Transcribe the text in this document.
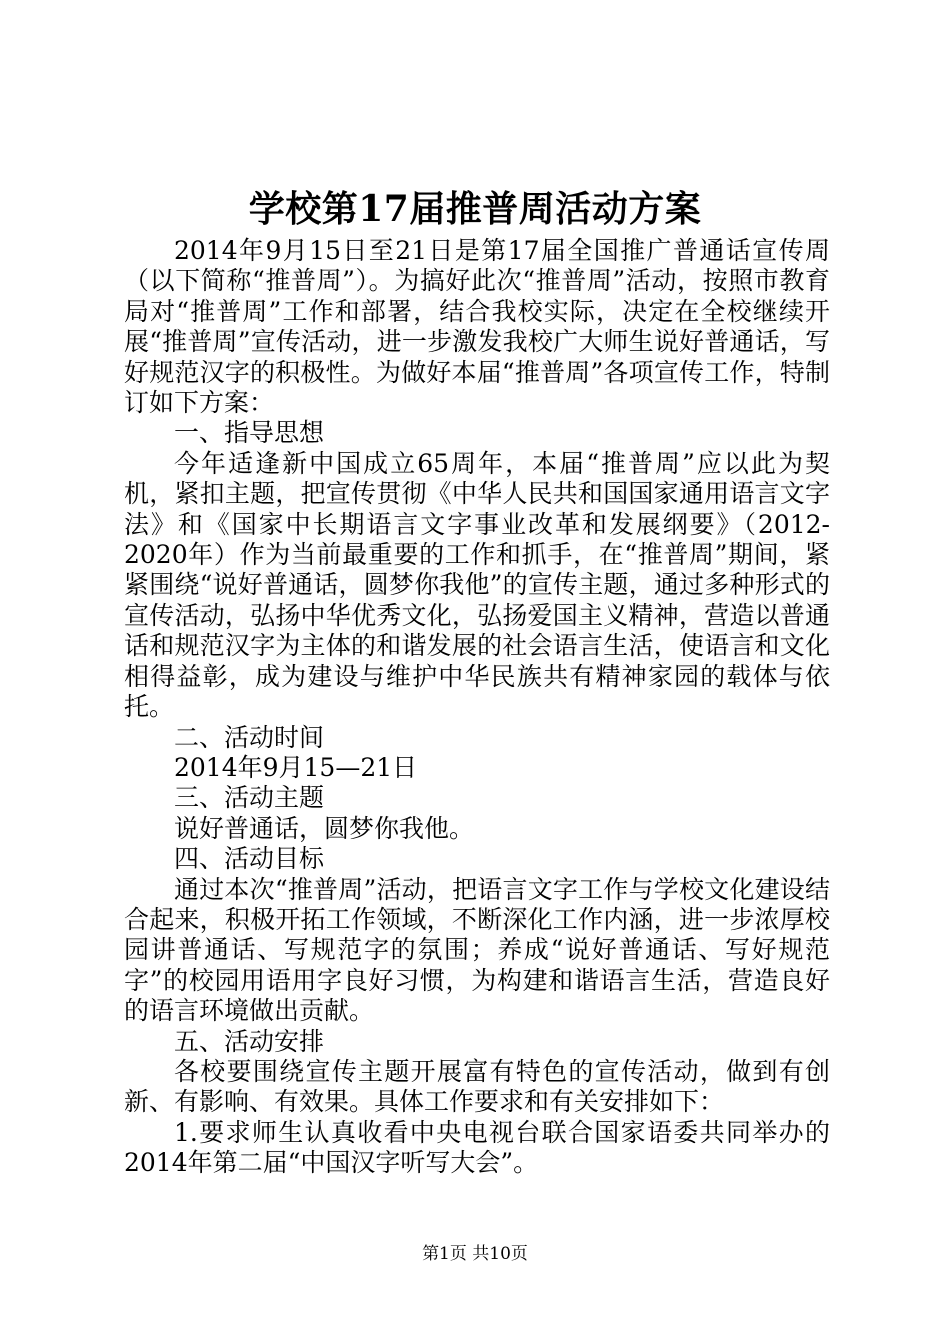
学校第17届推普周活动方案

2014年9月15日至21日是第17届全国推广普通话宣传周（以下简称“推普周”）。为搞好此次“推普周”活动，按照市教育局对“推普周”工作和部署，结合我校实际，决定在全校继续开展“推普周”宣传活动，进一步激发我校广大师生说好普通话，写好规范汉字的积极性。为做好本届“推普周”各项宣传工作，特制订如下方案：

一、指导思想

今年适逢新中国成立65周年，本届“推普周”应以此为契机，紧扣主题，把宣传贯彻《中华人民共和国国家通用语言文字法》和《国家中长期语言文字事业改革和发展纲要》（2012-2020年）作为当前最重要的工作和抓手，在“推普周”期间，紧紧围绕“说好普通话，圆梦你我他”的宣传主题，通过多种形式的宣传活动，弘扬中华优秀文化，弘扬爱国主义精神，营造以普通话和规范汉字为主体的和谐发展的社会语言生活，使语言和文化相得益彰，成为建设与维护中华民族共有精神家园的载体与依托。

二、活动时间

2014年9月15—21日

三、活动主题

说好普通话，圆梦你我他。

四、活动目标

通过本次“推普周”活动，把语言文字工作与学校文化建设结合起来，积极开拓工作领域，不断深化工作内涵，进一步浓厚校园讲普通话、写规范字的氛围；养成“说好普通话、写好规范字”的校园用语用字良好习惯，为构建和谐语言生活，营造良好的语言环境做出贡献。

五、活动安排

各校要围绕宣传主题开展富有特色的宣传活动，做到有创新、有影响、有效果。具体工作要求和有关安排如下：

1.要求师生认真收看中央电视台联合国家语委共同举办的2014年第二届“中国汉字听写大会”。

第1页 共10页
